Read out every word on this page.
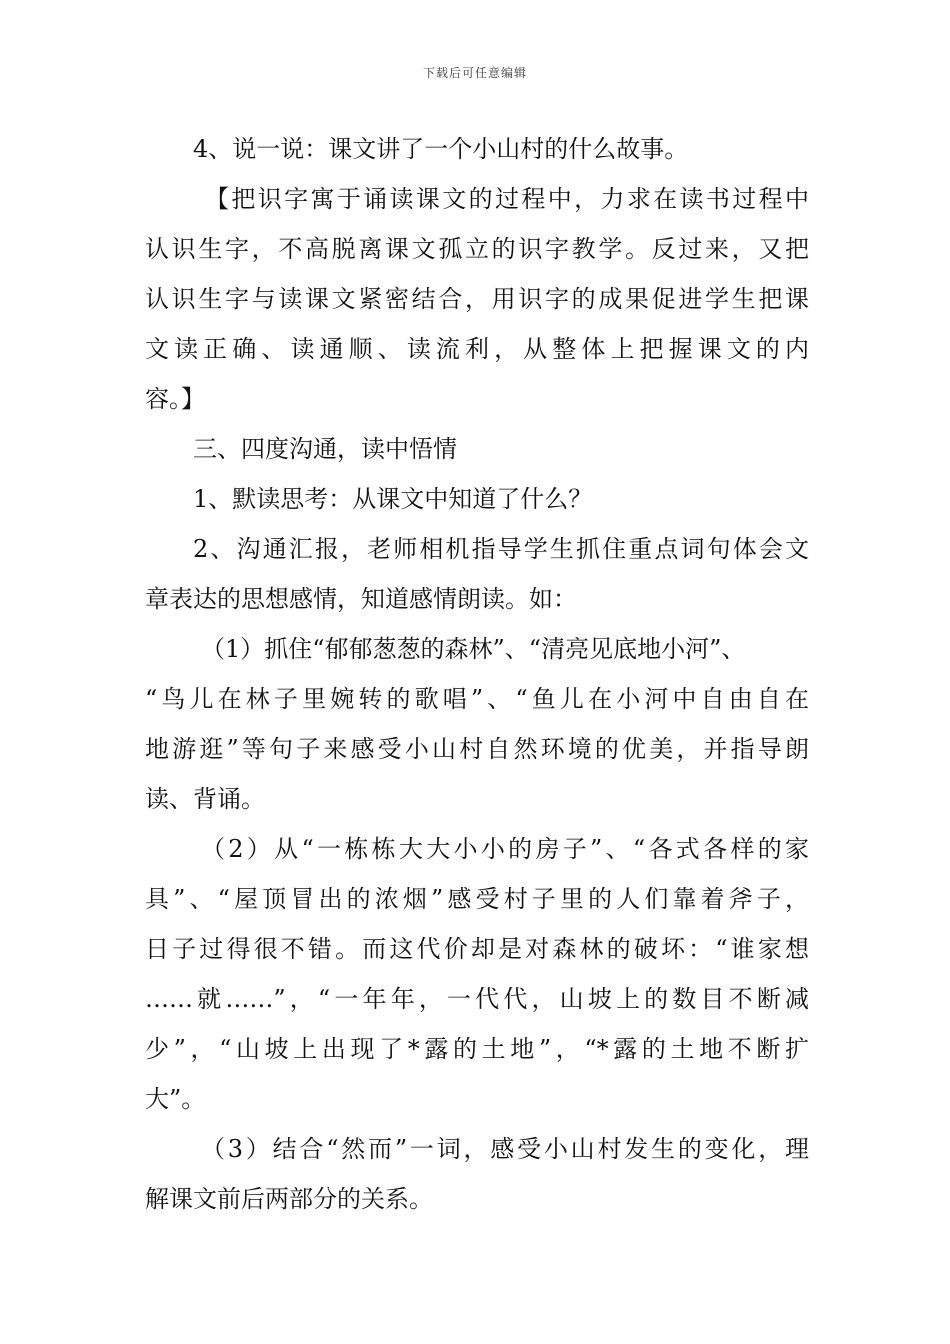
下载后可任意编辑
4、说一说：课文讲了一个小山村的什么故事。
【把识字寓于诵读课文的过程中，力求在读书过程中
认识生字，不高脱离课文孤立的识字教学。反过来，又把
认识生字与读课文紧密结合，用识字的成果促进学生把课
文读正确、读通顺、读流利，从整体上把握课文的内
容。】
三、四度沟通，读中悟情
1、默读思考：从课文中知道了什么？
2、沟通汇报，老师相机指导学生抓住重点词句体会文
章表达的思想感情，知道感情朗读。如：
（1）抓住“郁郁葱葱的森林”、“清亮见底地小河”、
“鸟儿在林子里婉转的歌唱”、“鱼儿在小河中自由自在
地游逛”等句子来感受小山村自然环境的优美，并指导朗
读、背诵。
（2）从“一栋栋大大小小的房子”、“各式各样的家
具”、“屋顶冒出的浓烟”感受村子里的人们靠着斧子，
日子过得很不错。而这代价却是对森林的破坏：“谁家想
……就……”，“一年年，一代代，山坡上的数目不断减
少”，“山坡上出现了*露的土地”，“*露的土地不断扩
大”。
（3）结合“然而”一词，感受小山村发生的变化，理
解课文前后两部分的关系。
